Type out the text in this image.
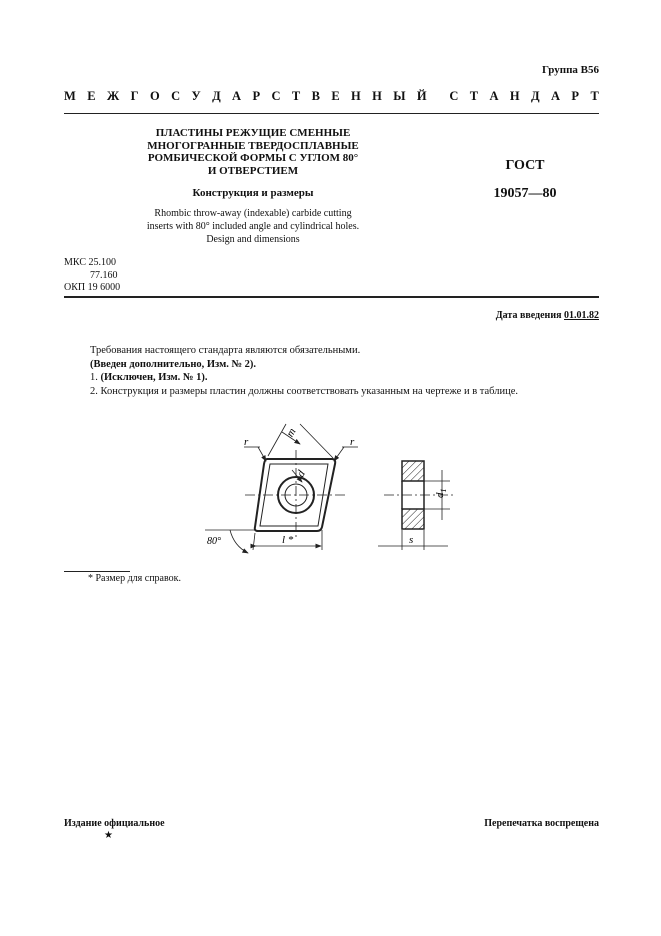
Группа В56
М Е Ж Г О С У Д А Р С Т В Е Н Н Ы Й С Т А Н Д А Р Т
ПЛАСТИНЫ РЕЖУЩИЕ СМЕННЫЕ
МНОГОГРАННЫЕ ТВЕРДОСПЛАВНЫЕ
РОМБИЧЕСКОЙ ФОРМЫ С УГЛОМ 80°
И ОТВЕРСТИЕМ
Конструкция и размеры
Rhombic throw-away (indexable) carbide cutting
inserts with 80° included angle and cylindrical holes.
Design and dimensions
ГОСТ
19057—80
МКС 25.100
77.160
ОКП 19 6000
Дата введения 01.01.82

Требования настоящего стандарта являются обязательными.

(Введен дополнительно, Изм. № 2).

1. (Исключен, Изм. № 1).

2. Конструкция и размеры пластин должны соответствовать указанным на чертеже и в таблице.

m
r	r
d
l *
80°
$d_1$
s
* Размер для справок.
Издание официальное	Перепечатка воспрещена
★
